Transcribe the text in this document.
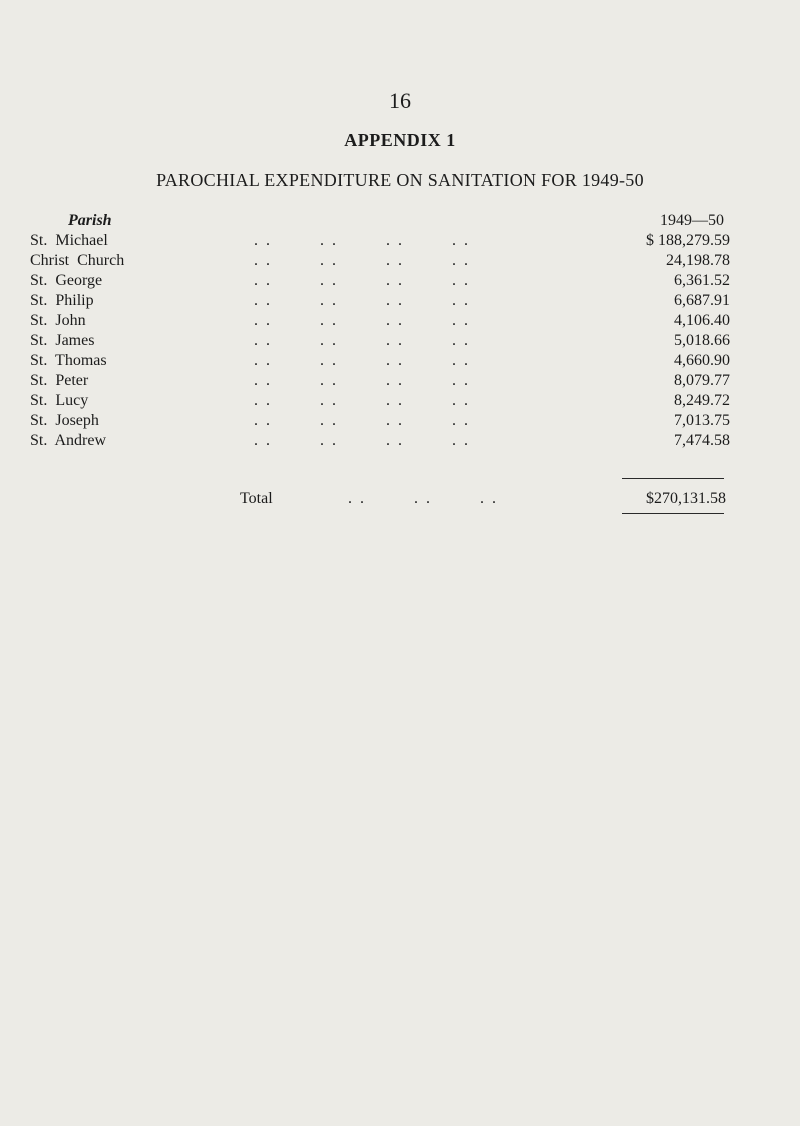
16
APPENDIX 1
PAROCHIAL EXPENDITURE ON SANITATION FOR 1949-50
Parish	1949—50
St.  Michael	. .        . .        . .        . .	$ 188,279.59
Christ  Church	. .        . .        . .        . .	24,198.78
St.  George	. .        . .        . .        . .	6,361.52
St.  Philip	. .        . .        . .        . .	6,687.91
St.  John	. .        . .        . .        . .	4,106.40
St.  James	. .        . .        . .        . .	5,018.66
St.  Thomas	. .        . .        . .        . .	4,660.90
St.  Peter	. .        . .        . .        . .	8,079.77
St.  Lucy	. .        . .        . .        . .	8,249.72
St.  Joseph	. .        . .        . .        . .	7,013.75
St.  Andrew	. .        . .        . .        . .	7,474.58
Total	. .        . .        . .	$270,131.58
